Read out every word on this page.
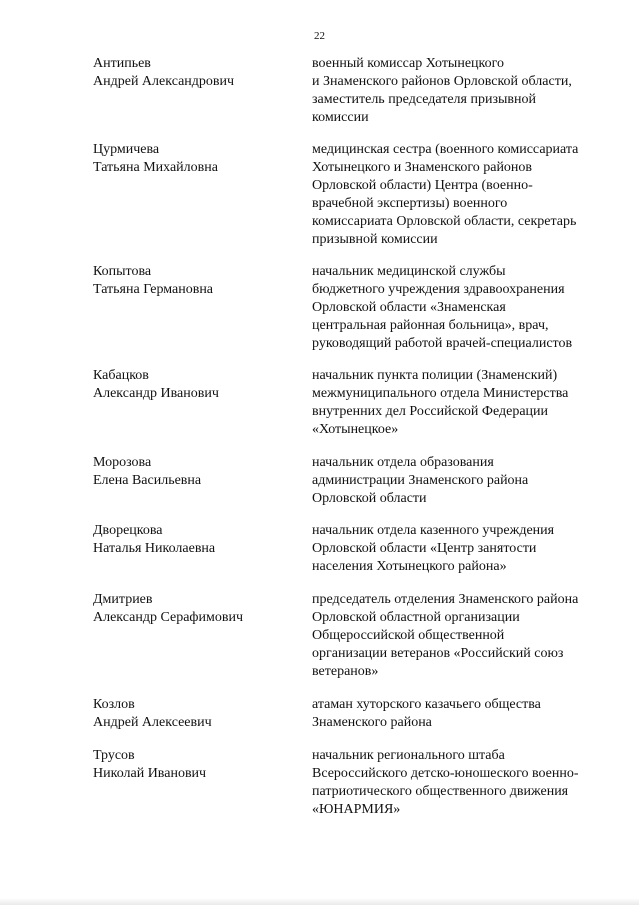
22
Антипьев
Андрей Александрович
военный комиссар Хотынецкого
и Знаменского районов Орловской области,
заместитель председателя призывной
комиссии
Цурмичева
Татьяна Михайловна
медицинская сестра (военного комиссариата
Хотынецкого и Знаменского районов
Орловской области) Центра (военно-
врачебной экспертизы) военного
комиссариата Орловской области, секретарь
призывной комиссии
Копытова
Татьяна Германовна
начальник медицинской службы
бюджетного учреждения здравоохранения
Орловской области «Знаменская
центральная районная больница», врач,
руководящий работой врачей-специалистов
Кабацков
Александр Иванович
начальник пункта полиции (Знаменский)
межмуниципального отдела Министерства
внутренних дел Российской Федерации
«Хотынецкое»
Морозова
Елена Васильевна
начальник отдела образования
администрации Знаменского района
Орловской области
Дворецкова
Наталья Николаевна
начальник отдела казенного учреждения
Орловской области «Центр занятости
населения Хотынецкого района»
Дмитриев
Александр Серафимович
председатель отделения Знаменского района
Орловской областной организации
Общероссийской общественной
организации ветеранов «Российский союз
ветеранов»
Козлов
Андрей Алексеевич
атаман хуторского казачьего общества
Знаменского района
Трусов
Николай Иванович
начальник регионального штаба
Всероссийского детско-юношеского военно-
патриотического общественного движения
«ЮНАРМИЯ»
